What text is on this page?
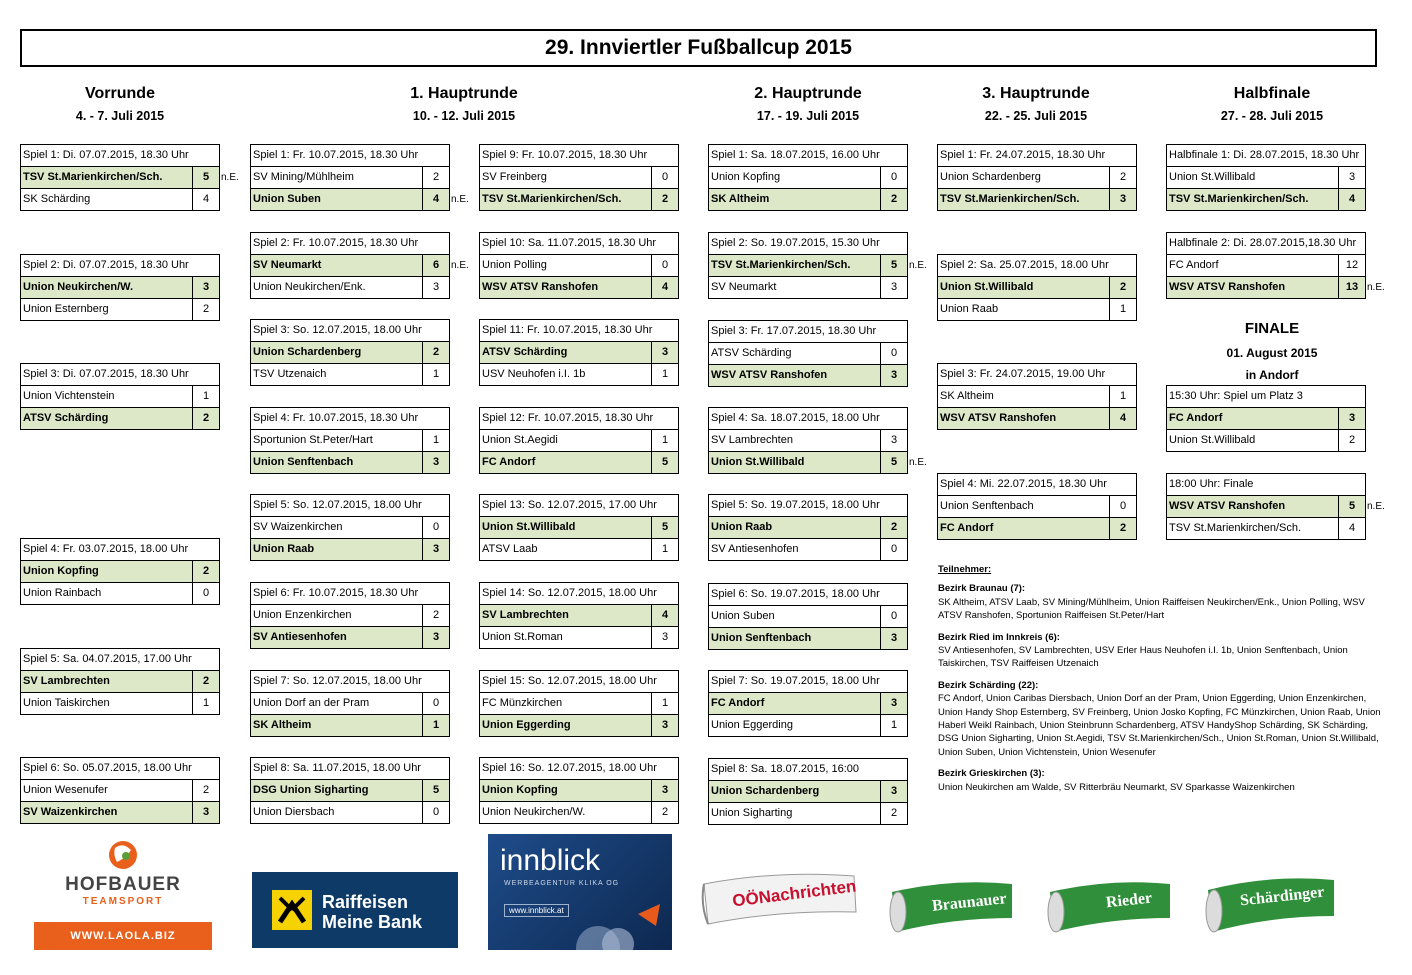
29. Innviertler Fußballcup 2015
Vorrunde
4. - 7. Juli 2015
1. Hauptrunde
10. - 12. Juli 2015
2. Hauptrunde
17. - 19. Juli 2015
3. Hauptrunde
22. - 25. Juli 2015
Halbfinale
27. - 28. Juli 2015
Spiel 1: Di. 07.07.2015, 18.30 Uhr
TSV St.Marienkirchen/Sch.	5	n.E.
SK Schärding	4
Spiel 2: Di. 07.07.2015, 18.30 Uhr
Union Neukirchen/W.	3
Union Esternberg	2
Spiel 3: Di. 07.07.2015, 18.30 Uhr
Union Vichtenstein	1
ATSV Schärding	2
Spiel 4: Fr. 03.07.2015, 18.00 Uhr
Union Kopfing	2
Union Rainbach	0
Spiel 5: Sa. 04.07.2015, 17.00 Uhr
SV Lambrechten	2
Union Taiskirchen	1
Spiel 6: So. 05.07.2015, 18.00 Uhr
Union Wesenufer	2
SV Waizenkirchen	3
Spiel 1: Fr. 10.07.2015, 18.30 Uhr
SV Mining/Mühlheim	2
Union Suben	4	n.E.
Spiel 2: Fr. 10.07.2015, 18.30 Uhr
SV Neumarkt	6	n.E.
Union Neukirchen/Enk.	3
Spiel 3: So. 12.07.2015, 18.00 Uhr
Union Schardenberg	2
TSV Utzenaich	1
Spiel 4: Fr. 10.07.2015, 18.30 Uhr
Sportunion St.Peter/Hart	1
Union Senftenbach	3
Spiel 5: So. 12.07.2015, 18.00 Uhr
SV Waizenkirchen	0
Union Raab	3
Spiel 6: Fr. 10.07.2015, 18.30 Uhr
Union Enzenkirchen	2
SV Antiesenhofen	3
Spiel 7: So. 12.07.2015, 18.00 Uhr
Union Dorf an der Pram	0
SK Altheim	1
Spiel 8: Sa. 11.07.2015, 18.00 Uhr
DSG Union Sigharting	5
Union Diersbach	0
Spiel 9: Fr. 10.07.2015, 18.30 Uhr
SV Freinberg	0
TSV St.Marienkirchen/Sch.	2
Spiel 10: Sa. 11.07.2015, 18.30 Uhr
Union Polling	0
WSV ATSV Ranshofen	4
Spiel 11: Fr. 10.07.2015, 18.30 Uhr
ATSV Schärding	3
USV Neuhofen i.I. 1b	1
Spiel 12: Fr. 10.07.2015, 18.30 Uhr
Union St.Aegidi	1
FC Andorf	5
Spiel 13: So. 12.07.2015, 17.00 Uhr
Union St.Willibald	5
ATSV Laab	1
Spiel 14: So. 12.07.2015, 18.00 Uhr
SV Lambrechten	4
Union St.Roman	3
Spiel 15: So. 12.07.2015, 18.00 Uhr
FC Münzkirchen	1
Union Eggerding	3
Spiel 16: So. 12.07.2015, 18.00 Uhr
Union Kopfing	3
Union Neukirchen/W.	2
Spiel 1: Sa. 18.07.2015, 16.00 Uhr
Union Kopfing	0
SK Altheim	2
Spiel 2: So. 19.07.2015, 15.30 Uhr
TSV St.Marienkirchen/Sch.	5	n.E.
SV Neumarkt	3
Spiel 3: Fr. 17.07.2015, 18.30 Uhr
ATSV Schärding	0
WSV ATSV Ranshofen	3
Spiel 4: Sa. 18.07.2015, 18.00 Uhr
SV Lambrechten	3
Union St.Willibald	5	n.E.
Spiel 5: So. 19.07.2015, 18.00 Uhr
Union Raab	2
SV Antiesenhofen	0
Spiel 6: So. 19.07.2015, 18.00 Uhr
Union Suben	0
Union Senftenbach	3
Spiel 7: So. 19.07.2015, 18.00 Uhr
FC Andorf	3
Union Eggerding	1
Spiel 8: Sa. 18.07.2015, 16:00
Union Schardenberg	3
Union Sigharting	2
Spiel 1: Fr. 24.07.2015, 18.30 Uhr
Union Schardenberg	2
TSV St.Marienkirchen/Sch.	3
Spiel 2: Sa. 25.07.2015, 18.00 Uhr
Union St.Willibald	2
Union Raab	1
Spiel 3: Fr. 24.07.2015, 19.00 Uhr
SK Altheim	1
WSV ATSV Ranshofen	4
Spiel 4: Mi. 22.07.2015, 18.30 Uhr
Union Senftenbach	0
FC Andorf	2
Halbfinale 1: Di. 28.07.2015, 18.30 Uhr
Union St.Willibald	3
TSV St.Marienkirchen/Sch.	4
Halbfinale 2: Di. 28.07.2015,18.30 Uhr
FC Andorf	12
WSV ATSV Ranshofen	13 n.E.
15:30 Uhr: Spiel um Platz 3
FC Andorf	3
Union St.Willibald	2
18:00 Uhr: Finale
WSV ATSV Ranshofen	5	n.E.
TSV St.Marienkirchen/Sch.	4
FINALE
01. August 2015
in Andorf
Teilnehmer:
Bezirk Braunau (7):
SK Altheim, ATSV Laab, SV Mining/Mühlheim, Union Raiffeisen Neukirchen/Enk., Union Polling, WSV ATSV Ranshofen, Sportunion Raiffeisen St.Peter/Hart
Bezirk Ried im Innkreis (6):
SV Antiesenhofen, SV Lambrechten, USV Erler Haus Neuhofen i.I. 1b, Union Senftenbach, Union Taiskirchen, TSV Raiffeisen Utzenaich
Bezirk Schärding (22):
FC Andorf, Union Caribas Diersbach, Union Dorf an der Pram, Union Eggerding, Union Enzenkirchen, Union Handy Shop Esternberg, SV Freinberg, Union Josko Kopfing, FC Münzkirchen, Union Raab, Union Haberl Weikl Rainbach, Union Steinbrunn Schardenberg, ATSV HandyShop Schärding, SK Schärding, DSG Union Sigharting, Union St.Aegidi, TSV St.Marienkirchen/Sch., Union St.Roman, Union St.Willibald, Union Suben, Union Vichtenstein, Union Wesenufer
Bezirk Grieskirchen (3):
Union Neukirchen am Walde, SV Ritterbräu Neumarkt, SV Sparkasse Waizenkirchen
HOFBAUER
TEAMSPORT
WWW.LAOLA.BIZ
Raiffeisen
Meine Bank
innblick
WERBEAGENTUR KLIKA OG
www.innblick.at	OÖNachrichten	Braunauer	Rieder	Schärdinger
